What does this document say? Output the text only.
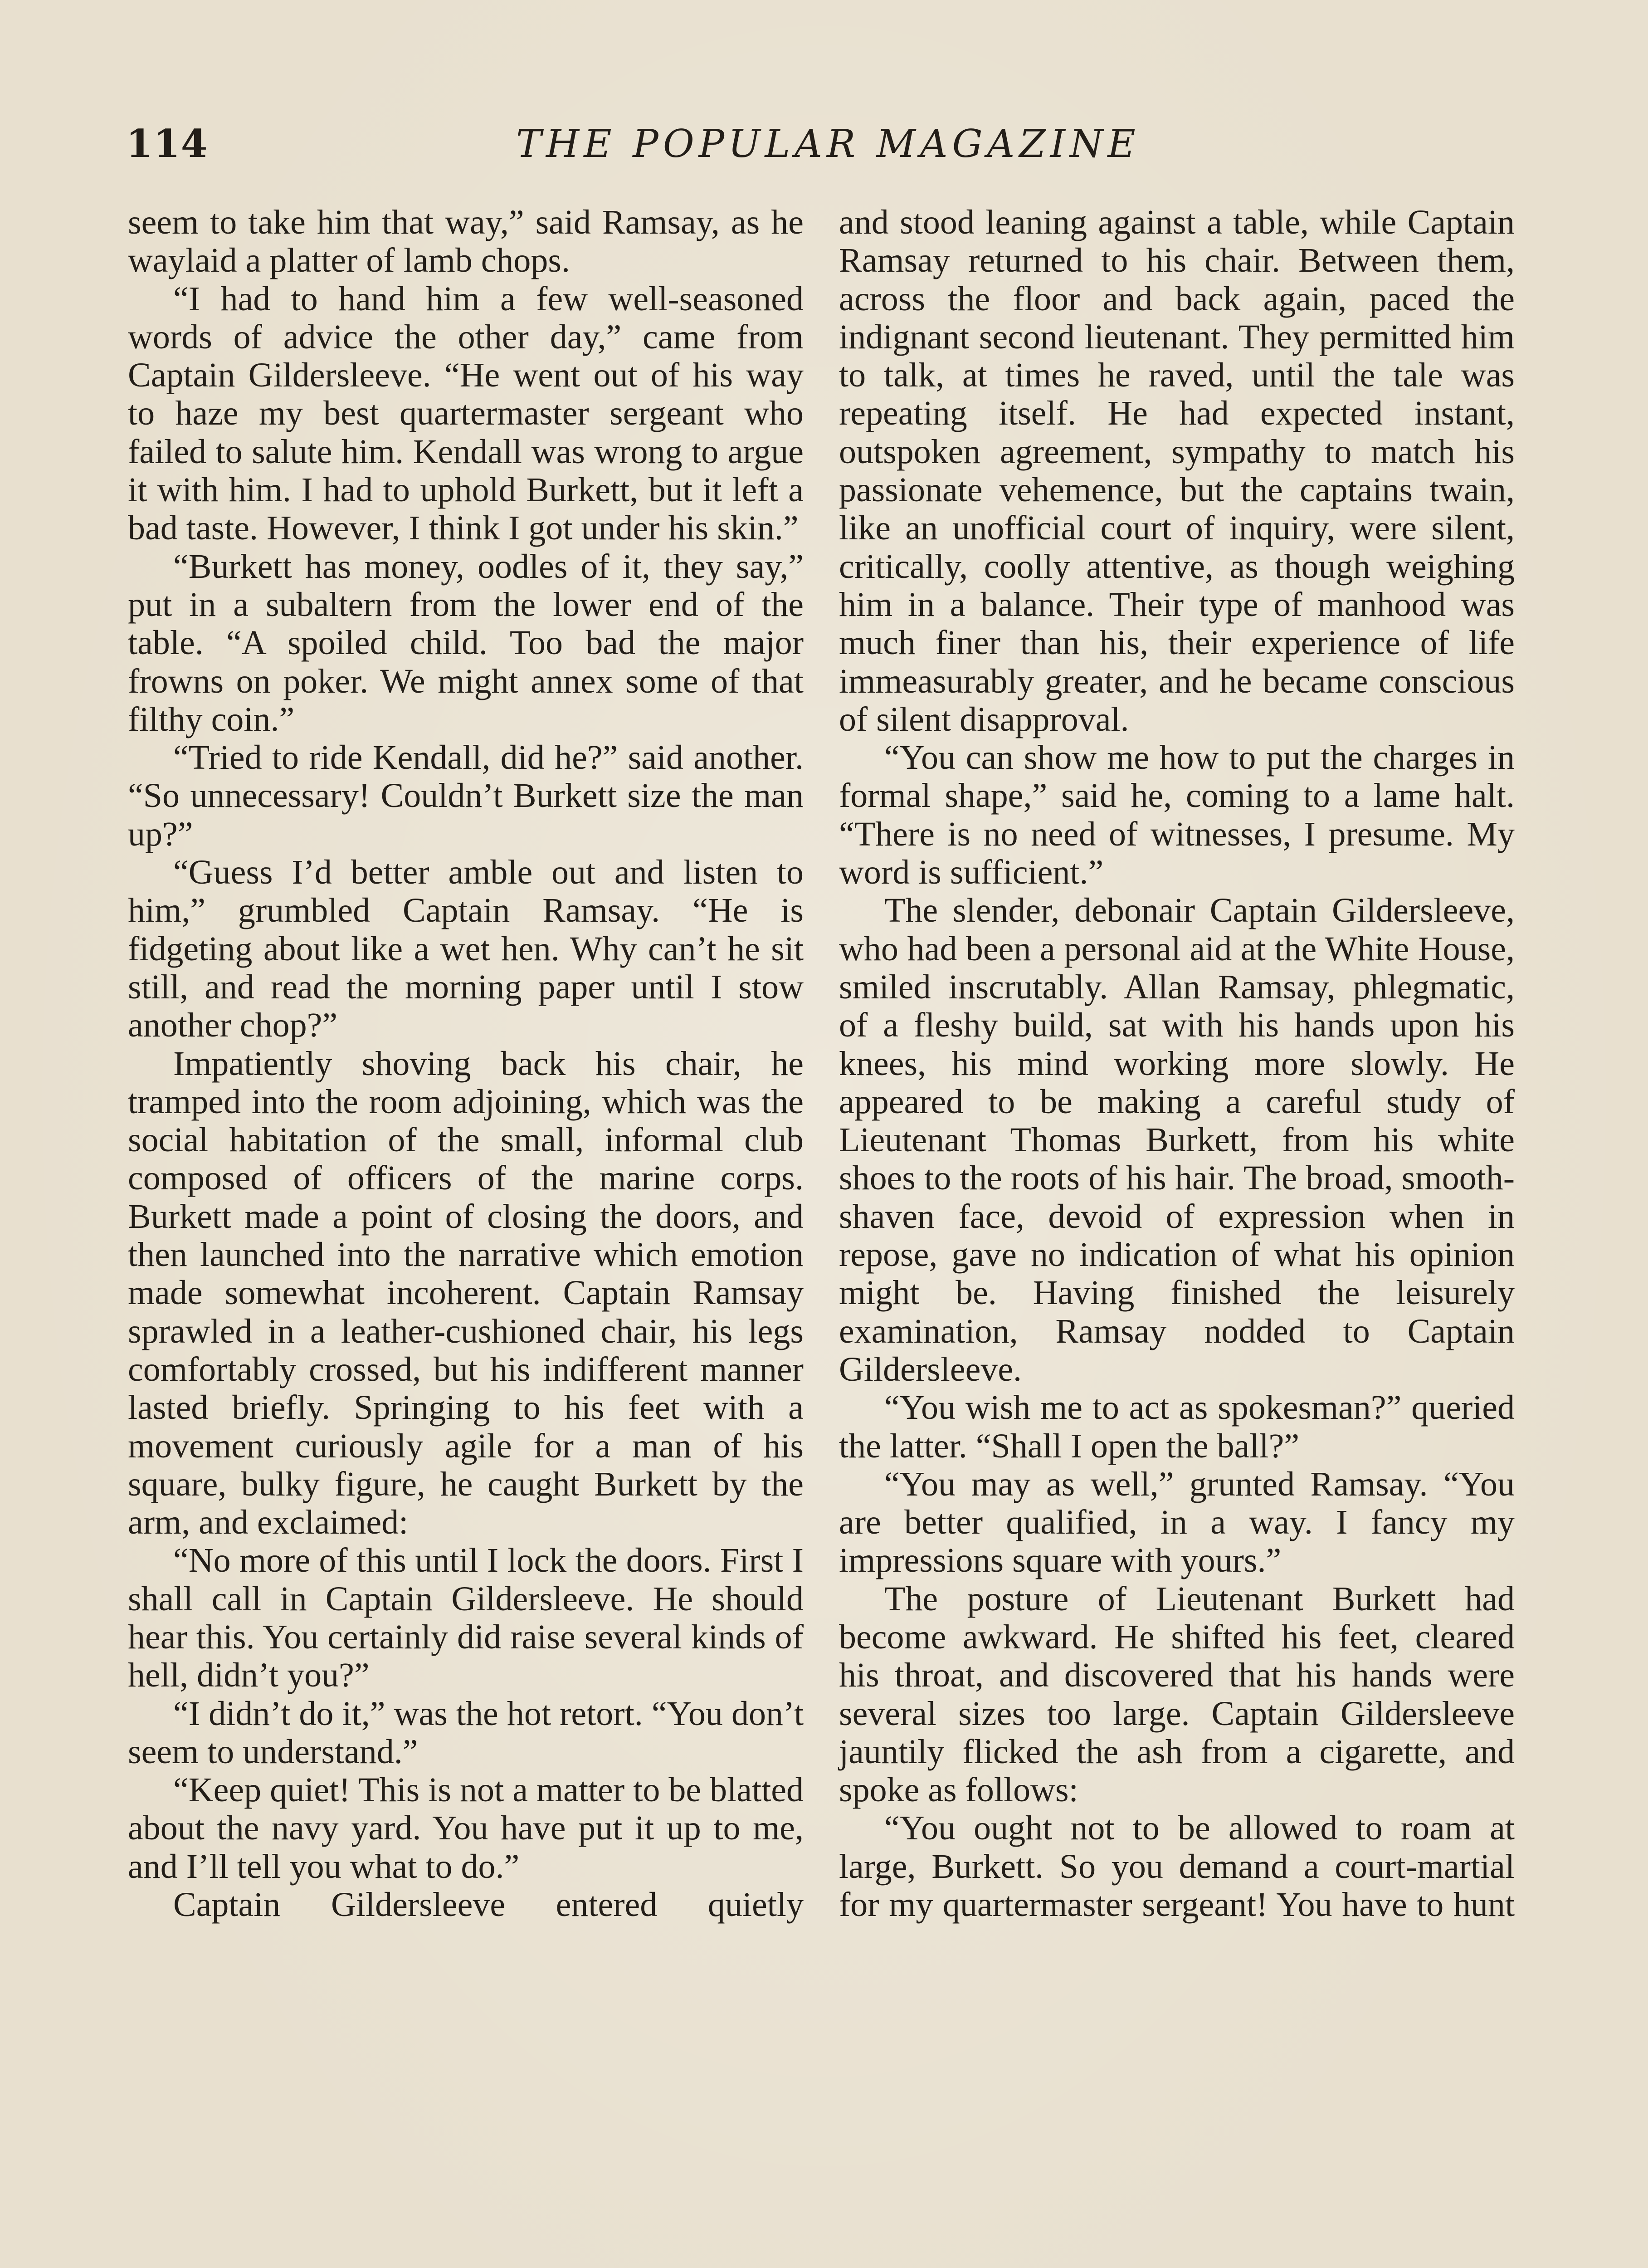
114	THE POPULAR MAGAZINE

seem to take him that way,” said Ramsay, as he waylaid a platter of lamb chops.

“I had to hand him a few well-seasoned words of advice the other day,” came from Captain Gildersleeve. “He went out of his way to haze my best quartermaster sergeant who failed to salute him. Kendall was wrong to argue it with him. I had to uphold Burkett, but it left a bad taste. However, I think I got under his skin.”

“Burkett has money, oodles of it, they say,” put in a subaltern from the lower end of the table. “A spoiled child. Too bad the major frowns on poker. We might annex some of that filthy coin.”

“Tried to ride Kendall, did he?” said another. “So unnecessary! Couldn’t Burkett size the man up?”

“Guess I’d better amble out and listen to him,” grumbled Captain Ramsay. “He is fidgeting about like a wet hen. Why can’t he sit still, and read the morning paper until I stow another chop?”

Impatiently shoving back his chair, he tramped into the room adjoining, which was the social habitation of the small, informal club composed of officers of the marine corps. Burkett made a point of closing the doors, and then launched into the narrative which emotion made somewhat incoherent. Captain Ramsay sprawled in a leather-cushioned chair, his legs comfortably crossed, but his indifferent manner lasted briefly. Springing to his feet with a movement curiously agile for a man of his square, bulky figure, he caught Burkett by the arm, and exclaimed:

“No more of this until I lock the doors. First I shall call in Captain Gildersleeve. He should hear this. You certainly did raise several kinds of hell, didn’t you?”

“I didn’t do it,” was the hot retort. “You don’t seem to understand.”

“Keep quiet! This is not a matter to be blatted about the navy yard. You have put it up to me, and I’ll tell you what to do.”

Captain Gildersleeve entered quietly

and stood leaning against a table, while Captain Ramsay returned to his chair. Between them, across the floor and back again, paced the indignant second lieutenant. They permitted him to talk, at times he raved, until the tale was repeating itself. He had expected instant, outspoken agreement, sympathy to match his passionate vehemence, but the captains twain, like an unofficial court of inquiry, were silent, critically, coolly attentive, as though weighing him in a balance. Their type of manhood was much finer than his, their experience of life immeasurably greater, and he became conscious of silent disapproval.

“You can show me how to put the charges in formal shape,” said he, coming to a lame halt. “There is no need of witnesses, I presume. My word is sufficient.”

The slender, debonair Captain Gildersleeve, who had been a personal aid at the White House, smiled inscrutably. Allan Ramsay, phlegmatic, of a fleshy build, sat with his hands upon his knees, his mind working more slowly. He appeared to be making a careful study of Lieutenant Thomas Burkett, from his white shoes to the roots of his hair. The broad, smooth-shaven face, devoid of expression when in repose, gave no indication of what his opinion might be. Having finished the leisurely examination, Ramsay nodded to Captain Gildersleeve.

“You wish me to act as spokesman?” queried the latter. “Shall I open the ball?”

“You may as well,” grunted Ramsay. “You are better qualified, in a way. I fancy my impressions square with yours.”

The posture of Lieutenant Burkett had become awkward. He shifted his feet, cleared his throat, and discovered that his hands were several sizes too large. Captain Gildersleeve jauntily flicked the ash from a cigarette, and spoke as follows:

“You ought not to be allowed to roam at large, Burkett. So you demand a court-martial for my quartermaster sergeant! You have to hunt
